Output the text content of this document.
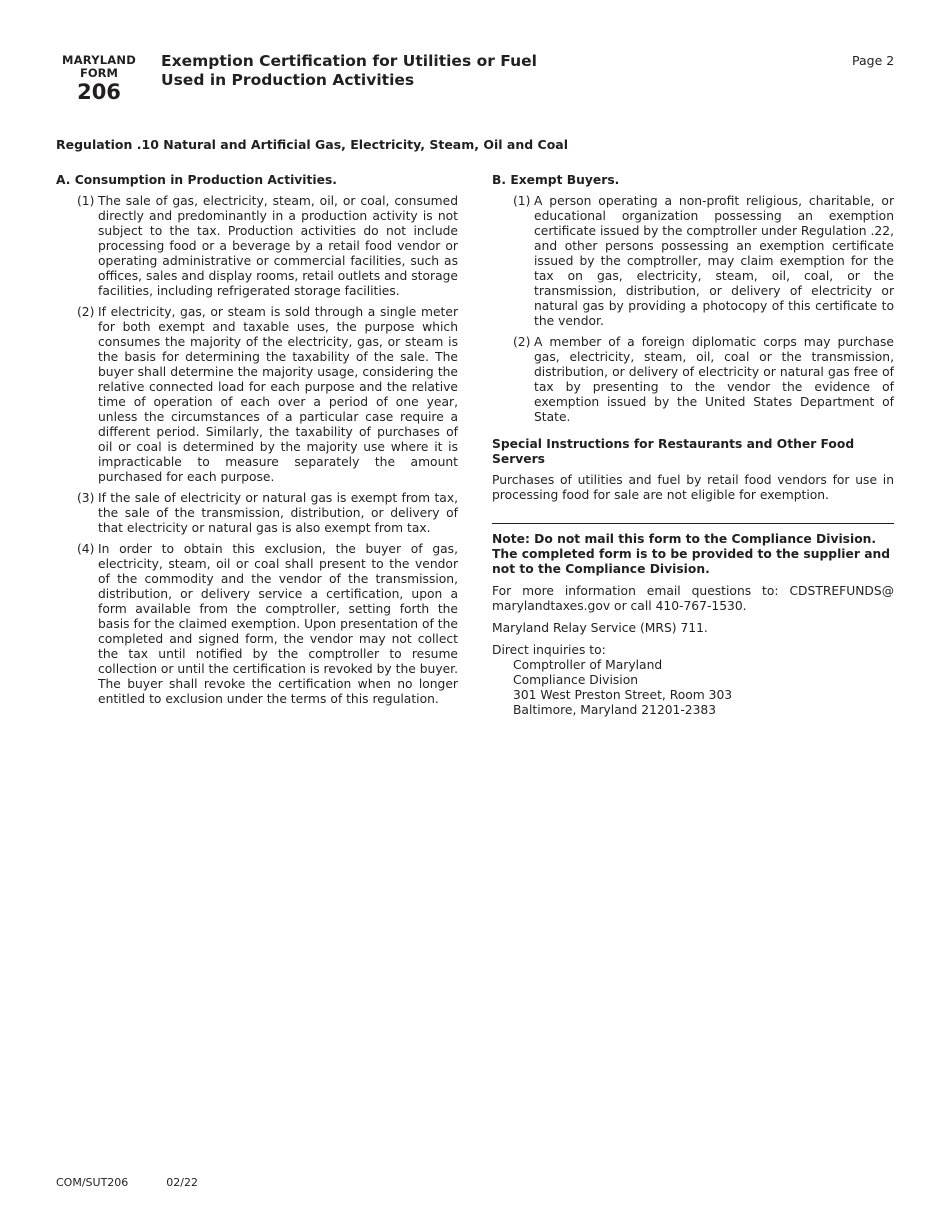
MARYLAND
FORM
206
Exemption Certification for Utilities or Fuel
Used in Production Activities
Page 2
Regulation .10 Natural and Artificial Gas, Electricity, Steam, Oil and Coal
A. Consumption in Production Activities.
(1) The sale of gas, electricity, steam, oil, or coal, consumed directly and predominantly in a production activity is not subject to the tax. Production activities do not include processing food or a beverage by a retail food vendor or operating administrative or commercial facilities, such as offices, sales and display rooms, retail outlets and storage facilities, including refrigerated storage facilities.
(2) If electricity, gas, or steam is sold through a single meter for both exempt and taxable uses, the purpose which consumes the majority of the electricity, gas, or steam is the basis for determining the taxability of the sale. The buyer shall determine the majority usage, considering the relative connected load for each purpose and the relative time of operation of each over a period of one year, unless the circumstances of a particular case require a different period. Similarly, the taxability of purchases of oil or coal is determined by the majority use where it is impracticable to measure separately the amount purchased for each purpose.
(3) If the sale of electricity or natural gas is exempt from tax, the sale of the transmission, distribution, or delivery of that electricity or natural gas is also exempt from tax.
(4) In order to obtain this exclusion, the buyer of gas, electricity, steam, oil or coal shall present to the vendor of the commodity and the vendor of the transmission, distribution, or delivery service a certification, upon a form available from the comptroller, setting forth the basis for the claimed exemption. Upon presentation of the completed and signed form, the vendor may not collect the tax until notified by the comptroller to resume collection or until the certification is revoked by the buyer. The buyer shall revoke the certification when no longer entitled to exclusion under the terms of this regulation.
B. Exempt Buyers.
(1) A person operating a non-profit religious, charitable, or educational organization possessing an exemption certificate issued by the comptroller under Regulation .22, and other persons possessing an exemption certificate issued by the comptroller, may claim exemption for the tax on gas, electricity, steam, oil, coal, or the transmission, distribution, or delivery of electricity or natural gas by providing a photocopy of this certificate to the vendor.
(2) A member of a foreign diplomatic corps may purchase gas, electricity, steam, oil, coal or the transmission, distribution, or delivery of electricity or natural gas free of tax by presenting to the vendor the evidence of exemption issued by the United States Department of State.
Special Instructions for Restaurants and Other Food Servers

Purchases of utilities and fuel by retail food vendors for use in processing food for sale are not eligible for exemption.

Note: Do not mail this form to the Compliance Division. The completed form is to be provided to the supplier and not to the Compliance Division.

For more information email questions to: CDSTREFUNDS@ marylandtaxes.gov or call 410-767-1530.

Maryland Relay Service (MRS) 711.

Direct inquiries to:
Comptroller of Maryland
Compliance Division
301 West Preston Street, Room 303
Baltimore, Maryland 21201-2383
COM/SUT206	02/22
